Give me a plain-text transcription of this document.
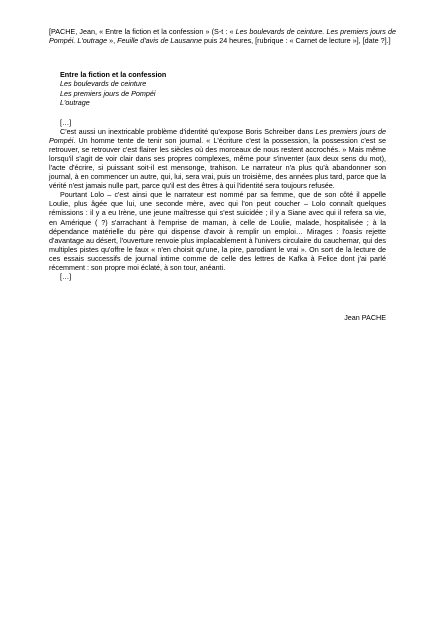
[PACHE, Jean, « Entre la fiction et la confession » (S-t : « Les boulevards de ceinture. Les premiers jours de Pompéi. L'outrage », Feuille d'avis de Lausanne puis 24 heures, [rubrique : « Carnet de lecture »], [date ?].]
Entre la fiction et la confession
Les boulevards de ceinture
Les premiers jours de Pompéi
L'outrage

[…]

C'est aussi un inextricable problème d'identité qu'expose Boris Schreiber dans Les premiers jours de Pompéi. Un homme tente de tenir son journal. « L'écriture c'est la possession, la possession c'est se retrouver, se retrouver c'est flairer les siècles où des morceaux de nous restent accrochés. » Mais même lorsqu'il s'agit de voir clair dans ses propres complexes, même pour s'inventer (aux deux sens du mot), l'acte d'écrire, si puissant soit-il est mensonge, trahison. Le narrateur n'a plus qu'à abandonner son journal, à en commencer un autre, qui, lui, sera vrai, puis un troisième, des années plus tard, parce que la vérité n'est jamais nulle part, parce qu'il est des êtres à qui l'identité sera toujours refusée.

Pourtant Lolo – c'est ainsi que le narrateur est nommé par sa femme, que de son côté il appelle Loulie, plus âgée que lui, une seconde mère, avec qui l'on peut coucher – Lolo connaît quelques rémissions : il y a eu Irène, une jeune maîtresse qui s'est suicidée ; il y a Siane avec qui il refera sa vie, en Amérique ( ?) s'arrachant à l'emprise de maman, à celle de Loulie, malade, hospitalisée ; à la dépendance matérielle du père qui dispense d'avoir à remplir un emploi… Mirages : l'oasis rejette d'avantage au désert, l'ouverture renvoie plus implacablement à l'univers circulaire du cauchemar, qui des multiples pistes qu'offre le faux « n'en choisit qu'une, la pire, parodiant le vrai ». On sort de la lecture de ces essais successifs de journal intime comme de celle des lettres de Kafka à Felice dont j'ai parlé récemment : son propre moi éclaté, à son tour, anéanti.

[…]

Jean PACHE
